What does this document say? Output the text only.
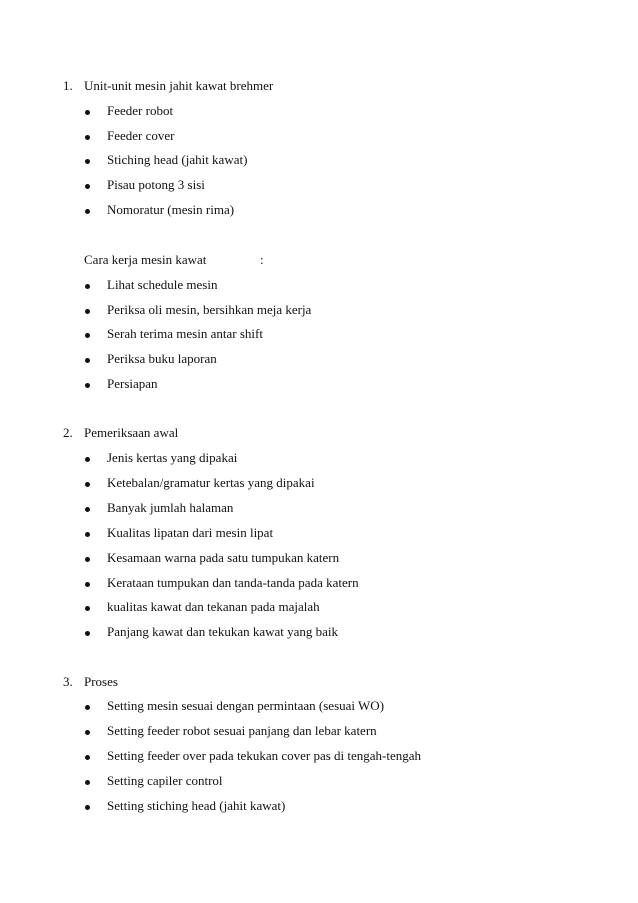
1. Unit-unit mesin jahit kawat brehmer
Feeder robot
Feeder cover
Stiching head (jahit kawat)
Pisau potong 3 sisi
Nomoratur (mesin rima)
Cara kerja mesin kawat	:
Lihat schedule mesin
Periksa oli mesin, bersihkan meja kerja
Serah terima mesin antar shift
Periksa buku laporan
Persiapan
2. Pemeriksaan awal
Jenis kertas yang dipakai
Ketebalan/gramatur kertas yang dipakai
Banyak jumlah halaman
Kualitas lipatan dari mesin lipat
Kesamaan warna pada satu tumpukan katern
Kerataan tumpukan dan tanda-tanda pada katern
kualitas kawat dan tekanan pada majalah
Panjang kawat dan tekukan kawat yang baik
3. Proses
Setting mesin sesuai dengan permintaan (sesuai WO)
Setting feeder robot sesuai panjang dan lebar katern
Setting feeder over pada tekukan cover pas di tengah-tengah
Setting capiler control
Setting stiching head (jahit kawat)
